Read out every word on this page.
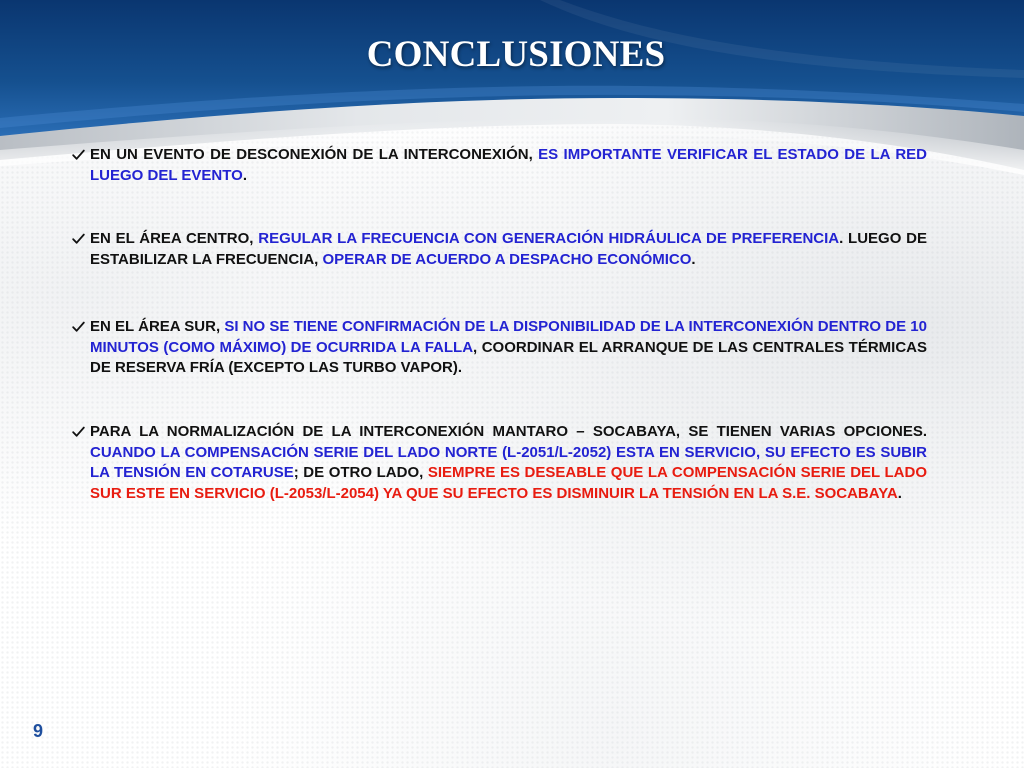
CONCLUSIONES

EN UN EVENTO DE DESCONEXIÓN DE LA INTERCONEXIÓN, ES IMPORTANTE VERIFICAR EL ESTADO DE LA RED LUEGO DEL EVENTO.

EN EL ÁREA CENTRO, REGULAR LA FRECUENCIA CON GENERACIÓN HIDRÁULICA DE PREFERENCIA. LUEGO DE ESTABILIZAR LA FRECUENCIA, OPERAR DE ACUERDO A DESPACHO ECONÓMICO.

EN EL ÁREA SUR, SI NO SE TIENE CONFIRMACIÓN DE LA DISPONIBILIDAD DE LA INTERCONEXIÓN DENTRO DE 10 MINUTOS (COMO MÁXIMO) DE OCURRIDA LA FALLA, COORDINAR EL ARRANQUE DE LAS CENTRALES TÉRMICAS DE RESERVA FRÍA (EXCEPTO LAS TURBO VAPOR).

PARA LA NORMALIZACIÓN DE LA INTERCONEXIÓN MANTARO – SOCABAYA, SE TIENEN VARIAS OPCIONES. CUANDO LA COMPENSACIÓN SERIE DEL LADO NORTE (L-2051/L-2052) ESTA EN SERVICIO, SU EFECTO ES SUBIR LA TENSIÓN EN COTARUSE; DE OTRO LADO, SIEMPRE ES DESEABLE QUE LA COMPENSACIÓN SERIE DEL LADO SUR ESTE EN SERVICIO (L-2053/L-2054) YA QUE SU EFECTO ES DISMINUIR LA TENSIÓN EN LA S.E. SOCABAYA.

9
